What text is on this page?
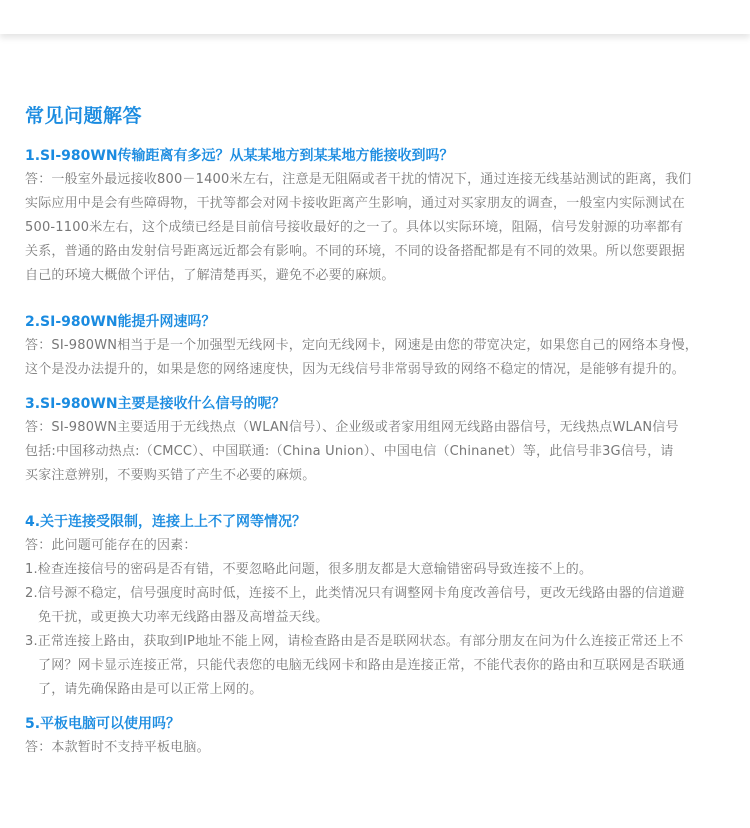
常见问题解答

1.SI-980WN传输距离有多远？从某某地方到某某地方能接收到吗？

答：一般室外最远接收800－1400米左右，注意是无阻隔或者干扰的情况下，通过连接无线基站测试的距离，我们
实际应用中是会有些障碍物，干扰等都会对网卡接收距离产生影响，通过对买家朋友的调查，一般室内实际测试在
500-1100米左右，这个成绩已经是目前信号接收最好的之一了。具体以实际环境，阻隔，信号发射源的功率都有
关系，普通的路由发射信号距离远近都会有影响。不同的环境，不同的设备搭配都是有不同的效果。所以您要跟据
自己的环境大概做个评估，了解清楚再买，避免不必要的麻烦。

2.SI-980WN能提升网速吗？

答：SI-980WN相当于是一个加强型无线网卡，定向无线网卡，网速是由您的带宽决定，如果您自己的网络本身慢，
这个是没办法提升的，如果是您的网络速度快，因为无线信号非常弱导致的网络不稳定的情况，是能够有提升的。

3.SI-980WN主要是接收什么信号的呢？

答：SI-980WN主要适用于无线热点（WLAN信号）、企业级或者家用组网无线路由器信号，无线热点WLAN信号
包括:中国移动热点:（CMCC）、中国联通:（China Union）、中国电信（Chinanet）等，此信号非3G信号，请
买家注意辨别，不要购买错了产生不必要的麻烦。

4.关于连接受限制，连接上上不了网等情况？

答：此问题可能存在的因素：
1.检查连接信号的密码是否有错，不要忽略此问题，很多朋友都是大意输错密码导致连接不上的。
2.信号源不稳定，信号强度时高时低，连接不上，此类情况只有调整网卡角度改善信号，更改无线路由器的信道避
免干扰，或更换大功率无线路由器及高增益天线。
3.正常连接上路由，获取到IP地址不能上网，请检查路由是否是联网状态。有部分朋友在问为什么连接正常还上不
了网？网卡显示连接正常，只能代表您的电脑无线网卡和路由是连接正常，不能代表你的路由和互联网是否联通
了，请先确保路由是可以正常上网的。

5.平板电脑可以使用吗？

答：本款暂时不支持平板电脑。
